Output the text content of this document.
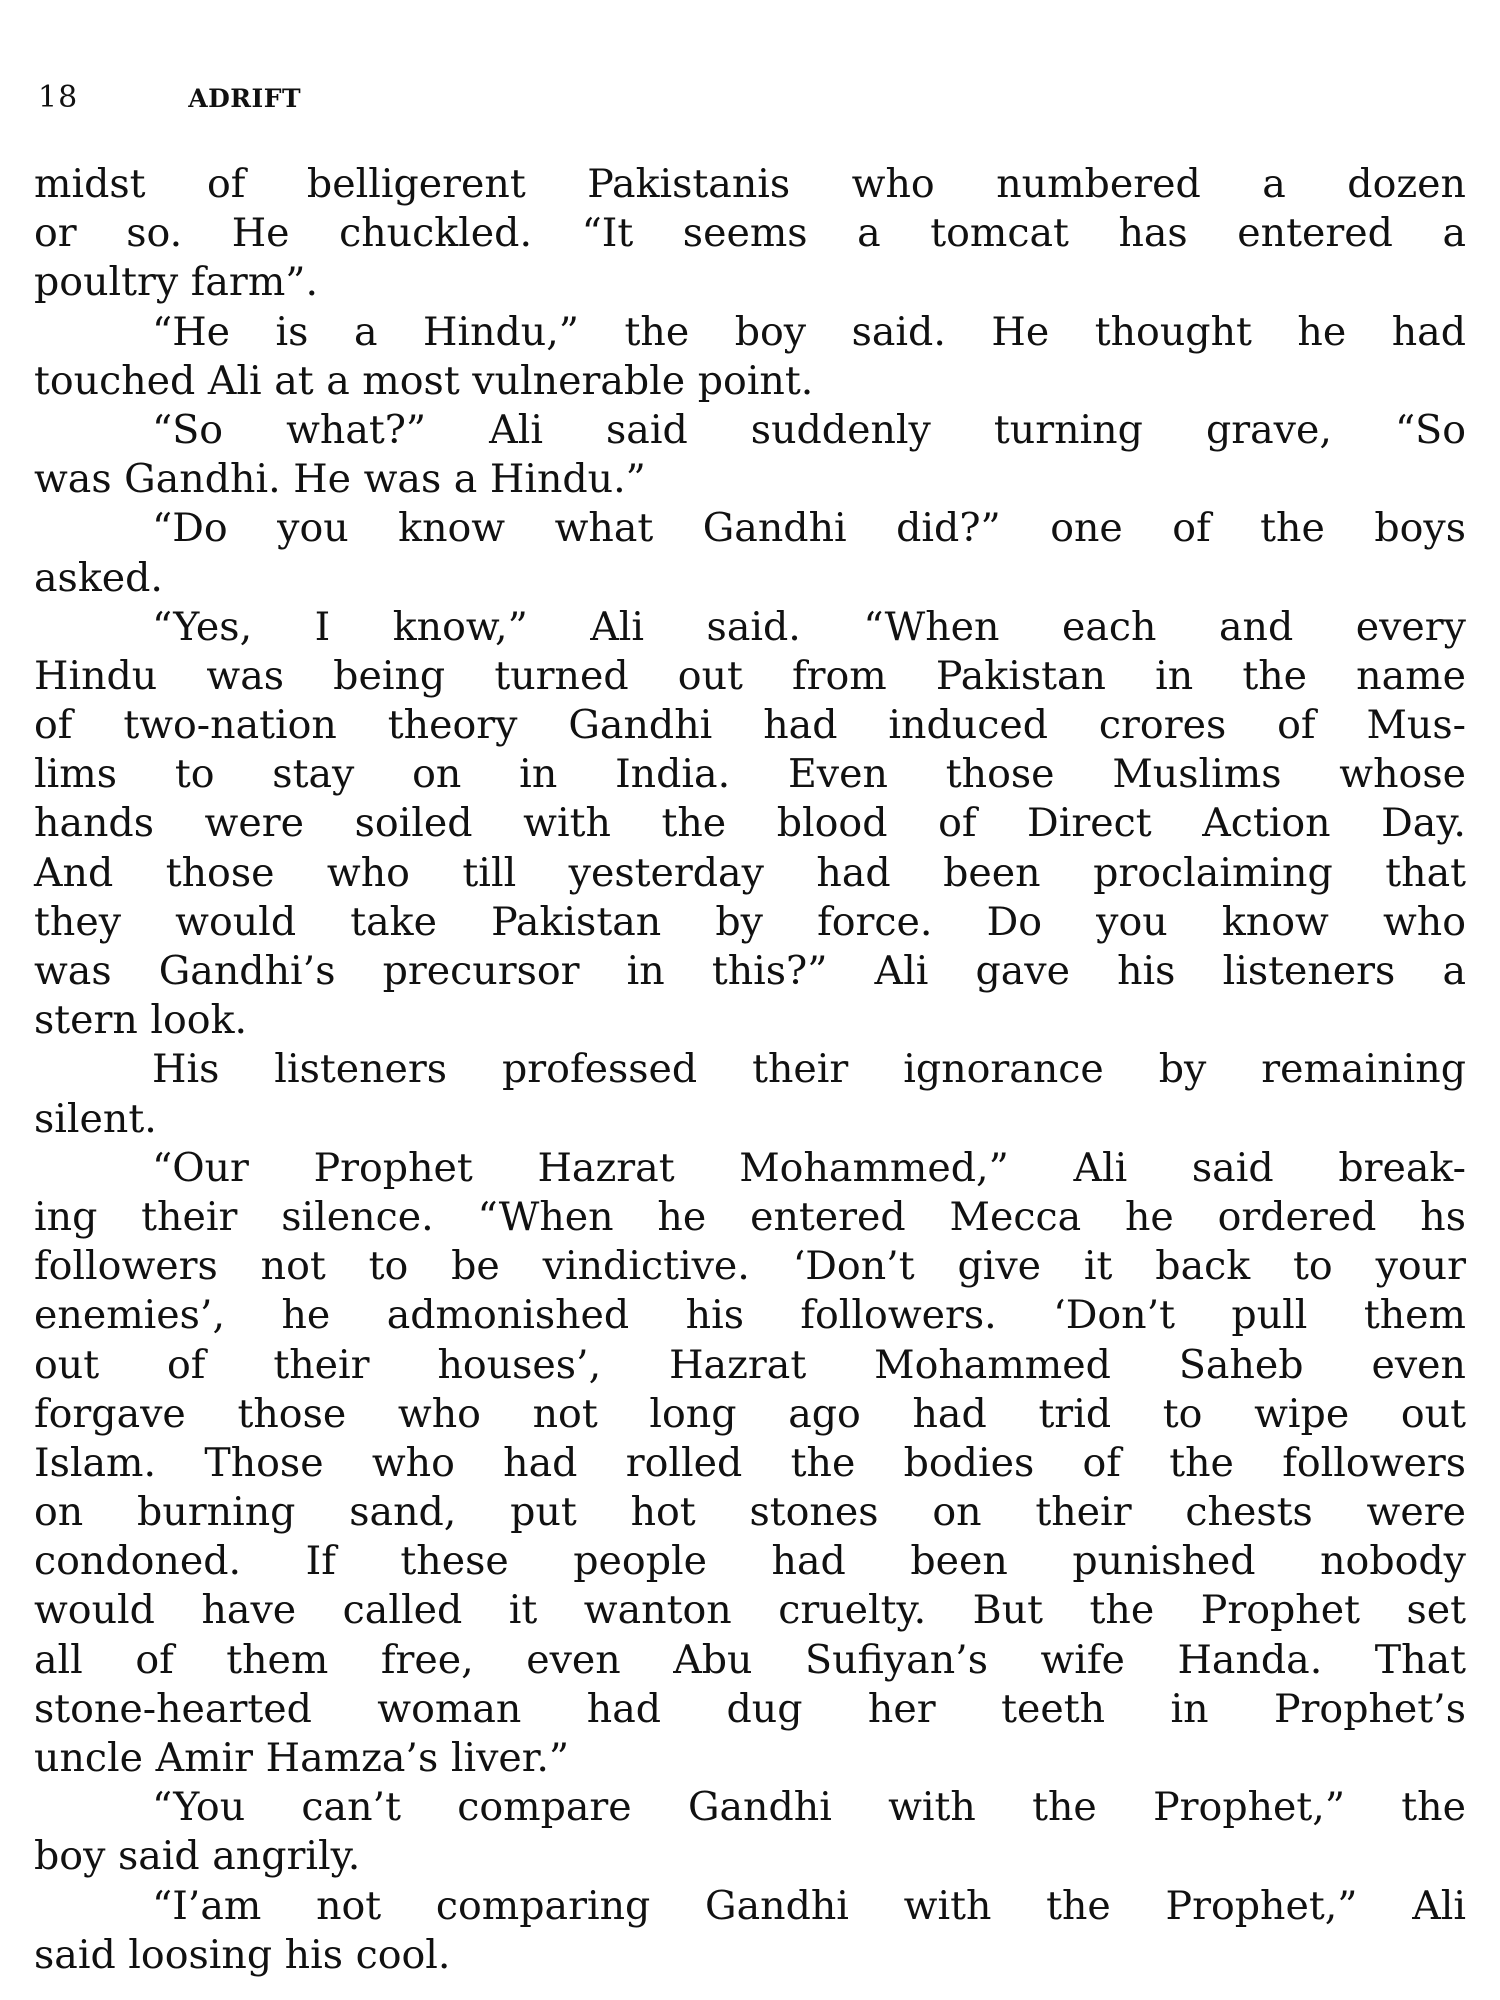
18	ADRIFT
midst of belligerent Pakistanis who numbered a dozen
or so. He chuckled. “It seems a tomcat has entered a
poultry farm”.
“He is a Hindu,” the boy said. He thought he had
touched Ali at a most vulnerable point.
“So what?” Ali said suddenly turning grave, “So
was Gandhi. He was a Hindu.”
“Do you know what Gandhi did?” one of the boys
asked.
“Yes, I know,” Ali said. “When each and every
Hindu was being turned out from Pakistan in the name
of two-nation theory Gandhi had induced crores of Mus-
lims to stay on in India. Even those Muslims whose
hands were soiled with the blood of Direct Action Day.
And those who till yesterday had been proclaiming that
they would take Pakistan by force. Do you know who
was Gandhi’s precursor in this?” Ali gave his listeners a
stern look.
His listeners professed their ignorance by remaining
silent.
“Our Prophet Hazrat Mohammed,” Ali said break-
ing their silence. “When he entered Mecca he ordered hs
followers not to be vindictive. ‘Don’t give it back to your
enemies’, he admonished his followers. ‘Don’t pull them
out of their houses’, Hazrat Mohammed Saheb even
forgave those who not long ago had trid to wipe out
Islam. Those who had rolled the bodies of the followers
on burning sand, put hot stones on their chests were
condoned. If these people had been punished nobody
would have called it wanton cruelty. But the Prophet set
all of them free, even Abu Sufiyan’s wife Handa. That
stone-hearted woman had dug her teeth in Prophet’s
uncle Amir Hamza’s liver.”
“You can’t compare Gandhi with the Prophet,” the
boy said angrily.
“I’am not comparing Gandhi with the Prophet,” Ali
said loosing his cool.
